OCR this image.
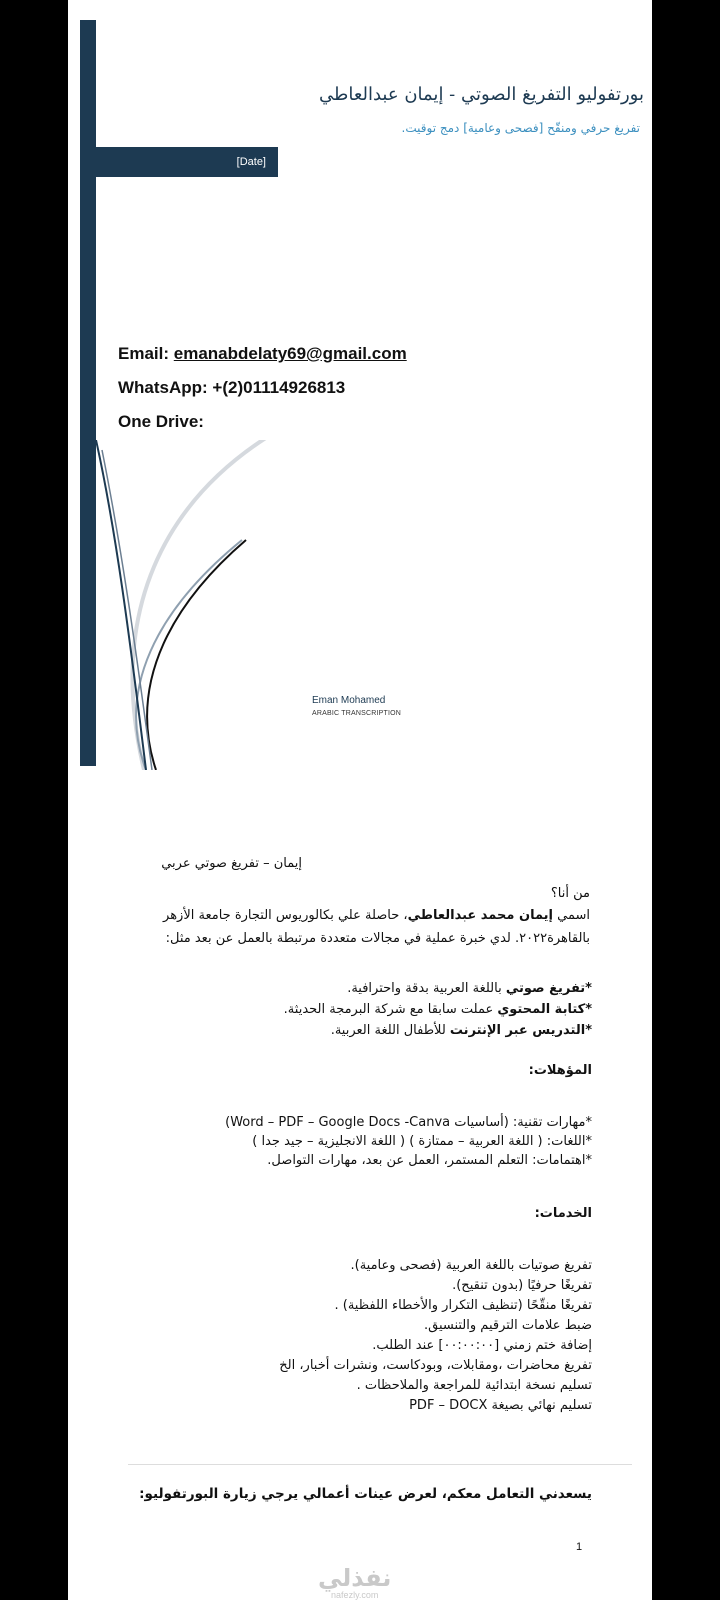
بورتفوليو التفريغ الصوتي - إيمان عبدالعاطي
تفريغ حرفي ومنقّح [فصحى وعامية] دمج توقيت.
[Date]
Email: emanabdelaty69@gmail.com
WhatsApp: +(2)01114926813
One Drive:
Eman Mohamed
ARABIC TRANSCRIPTION
إيمان – تفريغ صوتي عربي
من أنا؟
اسمي إيمان محمد عبدالعاطي، حاصلة علي بكالوريوس التجارة جامعة الأزهر
بالقاهرة٢٠٢٢. لدي خبرة عملية في مجالات متعددة مرتبطة بالعمل عن بعد مثل:
*تفريغ صوتي باللغة العربية بدقة واحترافية.
*كتابة المحتوي عملت سابقا مع شركة البرمجة الحديثة.
*التدريس عبر الإنترنت للأطفال اللغة العربية.
المؤهلات:
*مهارات تقنية: (أساسيات Word – PDF – Google Docs -Canva)
*اللغات: ( اللغة العربية – ممتازة ) ( اللغة الانجليزية – جيد جدا )
*اهتمامات: التعلم المستمر، العمل عن بعد، مهارات التواصل.
الخدمات:
تفريغ صوتيات باللغة العربية (فصحى وعامية).
تفريغًا حرفيًا (بدون تنقيح).
تفريغًا منقّحًا (تنظيف التكرار والأخطاء اللفظية) .
ضبط علامات الترقيم والتنسيق.
إضافة ختم زمني [٠٠:٠٠:٠٠] عند الطلب.
تفريغ محاضرات ،ومقابلات، وبودكاست، ونشرات أخبار، الخ
تسليم نسخة ابتدائية للمراجعة والملاحظات .
تسليم نهائي بصيغة PDF – DOCX
يسعدني التعامل معكم، لعرض عينات أعمالي يرجي زيارة البورتفوليو:
1
نفذلي
nafezly.com
